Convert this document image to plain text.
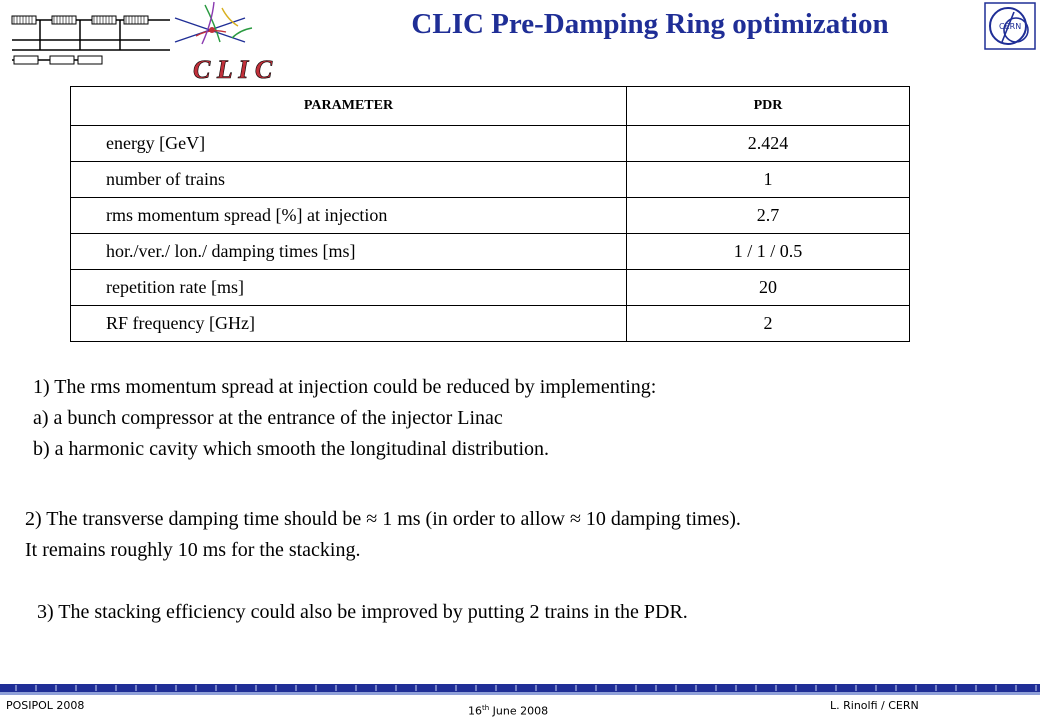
C L I C
CLIC Pre-Damping Ring optimization	CERN
PARAMETER	PDR
energy [GeV]	2.424
number of trains	1
rms momentum spread [%] at injection	2.7
hor./ver./ lon./ damping times [ms]	1 / 1 / 0.5
repetition rate [ms]	20
RF frequency [GHz]	2
1) The rms momentum spread at injection could be reduced by implementing:
a) a bunch compressor at the entrance of the injector Linac
b) a harmonic cavity which smooth the longitudinal distribution.
2) The transverse damping time should be ≈ 1 ms (in order to allow ≈ 10 damping times).
It remains roughly 10 ms for the stacking.
3) The stacking efficiency could also be improved by putting 2 trains in the PDR.
POSIPOL 2008	16th June 2008	L. Rinolfi / CERN
